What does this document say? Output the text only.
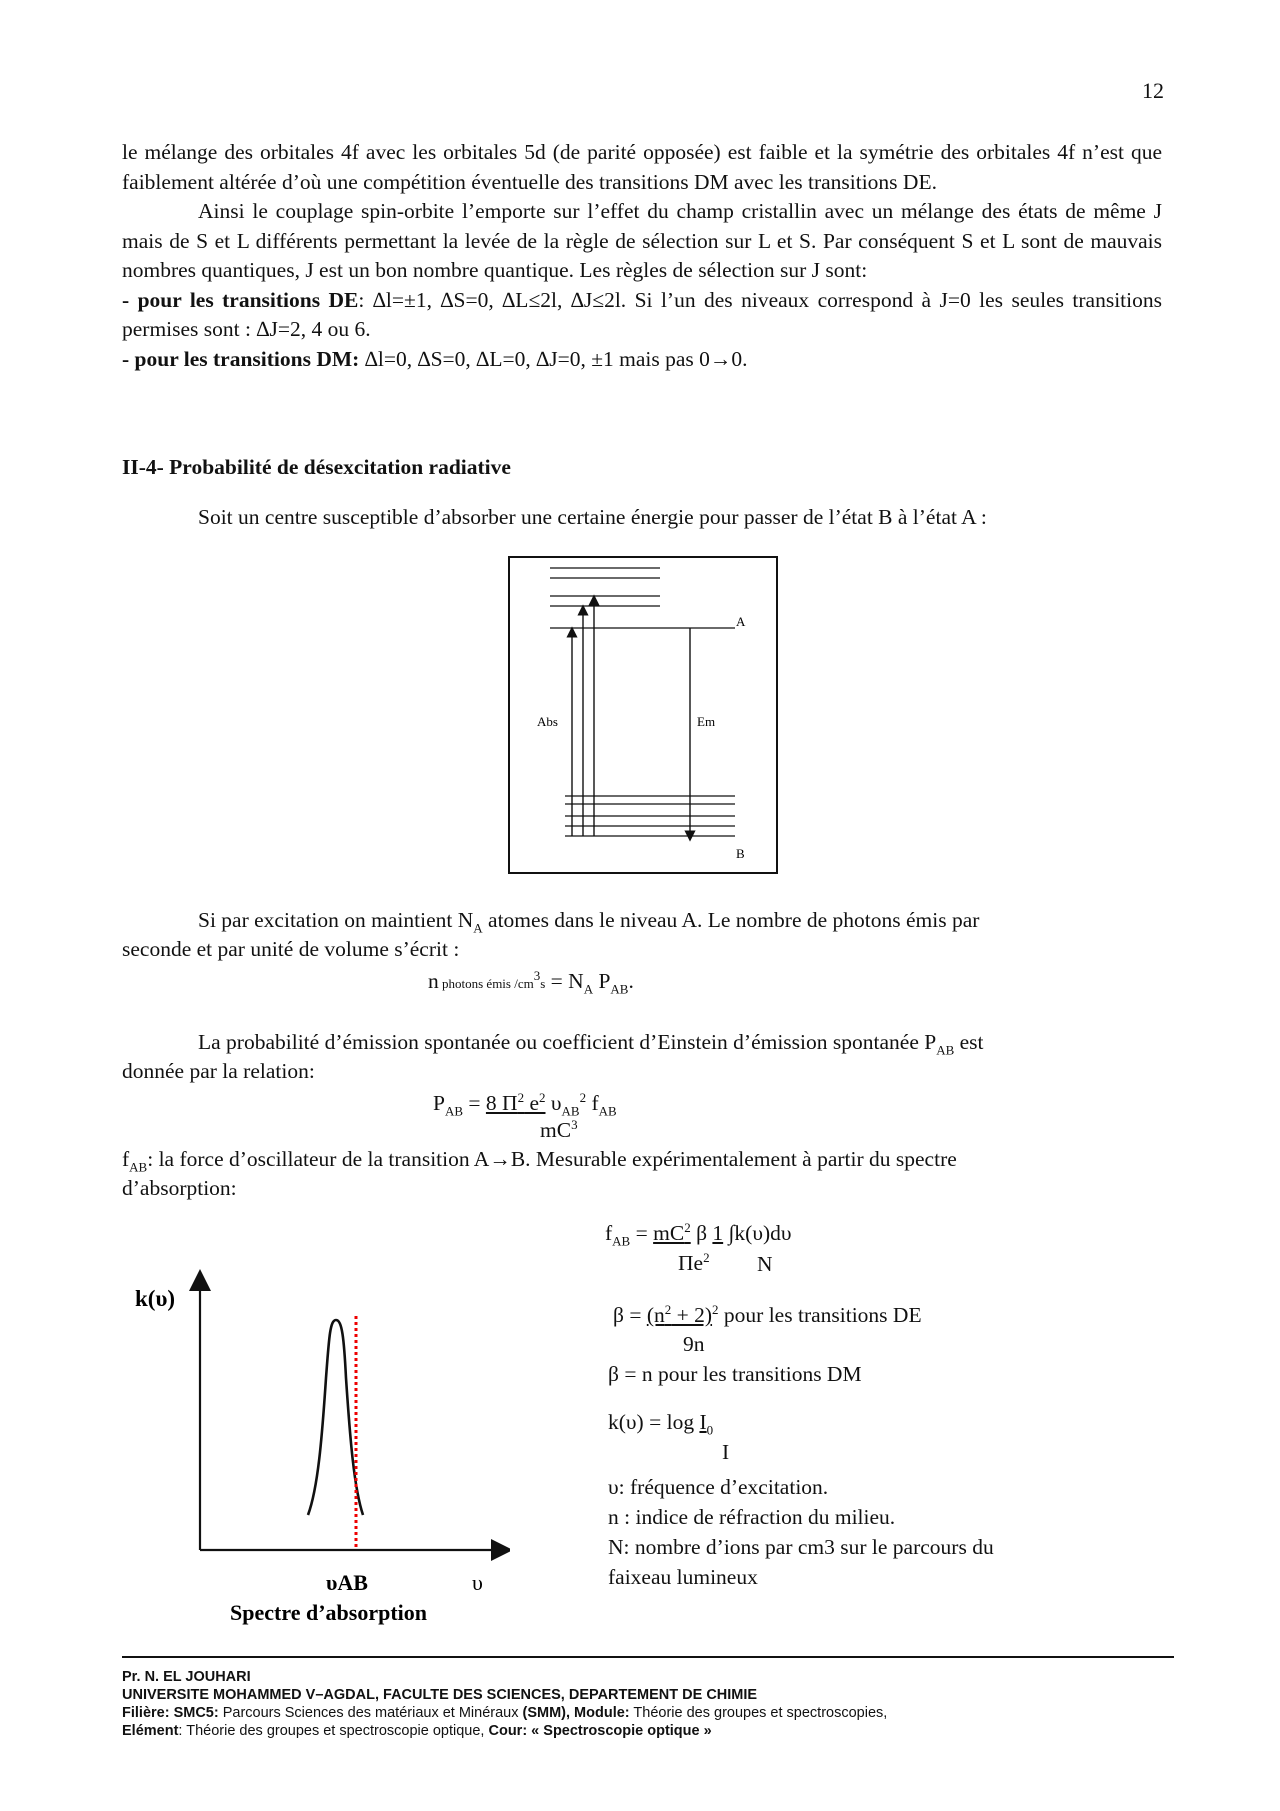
12

le mélange des orbitales 4f avec les orbitales 5d (de parité opposée) est faible et la symétrie des orbitales 4f n’est que faiblement altérée d’où une compétition éventuelle des transitions DM avec les transitions DE.

Ainsi le couplage spin-orbite l’emporte sur l’effet du champ cristallin avec un mélange des états de même J mais de S et L différents permettant la levée de la règle de sélection sur L et S. Par conséquent S et L sont de mauvais nombres quantiques, J est un bon nombre quantique. Les règles de sélection sur J sont:

- pour les transitions DE: ∆l=±1, ∆S=0, ∆L≤2l, ∆J≤2l. Si l’un des niveaux correspond à J=0 les seules transitions permises sont : ∆J=2, 4 ou 6.

- pour les transitions DM: ∆l=0, ∆S=0, ∆L=0, ∆J=0, ±1 mais pas 0→0.

II-4- Probabilité de désexcitation radiative
Soit un centre susceptible d’absorber une certaine énergie pour passer de l’état B à l’état A :
A
B
Abs	Em
Si par excitation on maintient $N_A$ atomes dans le niveau A. Le nombre de photons émis par
seconde et par unité de volume s’écrit :
n photons émis $/cm^3s = N_A$ $P_{AB}$.
La probabilité d’émission spontanée ou coefficient d’Einstein d’émission spontanée $P_{AB}$ est
donnée par la relation:
$P_{AB} = 8$ $\Pi^2$ $e^2$ $\upsilon_{AB}^2$ $f_{AB}$
$mC^3$
$f_{AB}$: la force d’oscillateur de la transition A→B. Mesurable expérimentalement à partir du spectre
d’absorption:
$f_{AB} = mC^2$ β 1 ∫k(υ)dυ
$\Pi e^2$ N
$\beta = (n^2 + 2)^2$ pour les transitions DE
9n
β = n pour les transitions DM
$k(\upsilon) = \log I_0$
I
υ: fréquence d’excitation.
n : indice de réfraction du milieu.
N: nombre d’ions par cm3 sur le parcours du
faixeau lumineux
k(υ)
υAB	υ
Spectre d’absorption
Pr. N. EL JOUHARI
UNIVERSITE MOHAMMED V–AGDAL, FACULTE DES SCIENCES, DEPARTEMENT DE CHIMIE
Filière: SMC5: Parcours Sciences des matériaux et Minéraux (SMM), Module: Théorie des groupes et spectroscopies,
Elément: Théorie des groupes et spectroscopie optique, Cour: « Spectroscopie optique »
